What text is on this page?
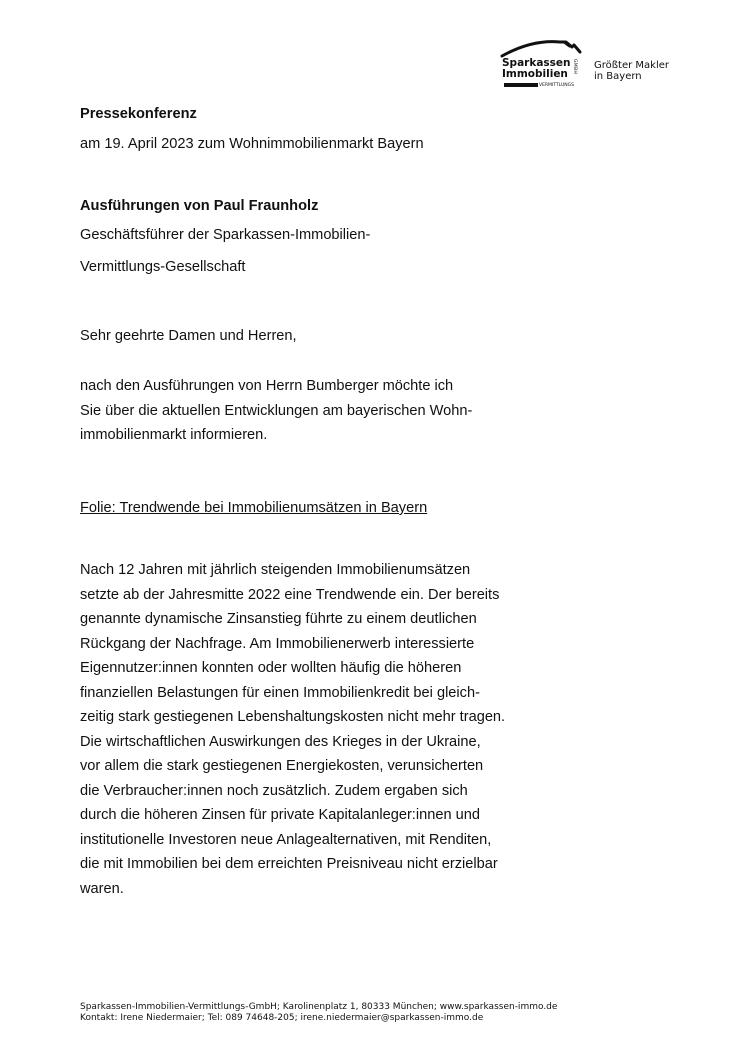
Sparkassen
Immobilien GMBH
VERMITTLUNGS
Größter Makler
in Bayern
Pressekonferenz
am 19. April 2023 zum Wohnimmobilienmarkt Bayern
Ausführungen von Paul Fraunholz
Geschäftsführer der Sparkassen-Immobilien-
Vermittlungs-Gesellschaft
Sehr geehrte Damen und Herren,
nach den Ausführungen von Herrn Bumberger möchte ich
Sie über die aktuellen Entwicklungen am bayerischen Wohn-
immobilienmarkt informieren.
Folie: Trendwende bei Immobilienumsätzen in Bayern
Nach 12 Jahren mit jährlich steigenden Immobilienumsätzen
setzte ab der Jahresmitte 2022 eine Trendwende ein. Der bereits
genannte dynamische Zinsanstieg führte zu einem deutlichen
Rückgang der Nachfrage. Am Immobilienerwerb interessierte
Eigennutzer:innen konnten oder wollten häufig die höheren
finanziellen Belastungen für einen Immobilienkredit bei gleich-
zeitig stark gestiegenen Lebenshaltungskosten nicht mehr tragen.
Die wirtschaftlichen Auswirkungen des Krieges in der Ukraine,
vor allem die stark gestiegenen Energiekosten, verunsicherten
die Verbraucher:innen noch zusätzlich. Zudem ergaben sich
durch die höheren Zinsen für private Kapitalanleger:innen und
institutionelle Investoren neue Anlagealternativen, mit Renditen,
die mit Immobilien bei dem erreichten Preisniveau nicht erzielbar
waren.
Sparkassen-Immobilien-Vermittlungs-GmbH; Karolinenplatz 1, 80333 München; www.sparkassen-immo.de
Kontakt: Irene Niedermaier; Tel: 089 74648-205; irene.niedermaier@sparkassen-immo.de
